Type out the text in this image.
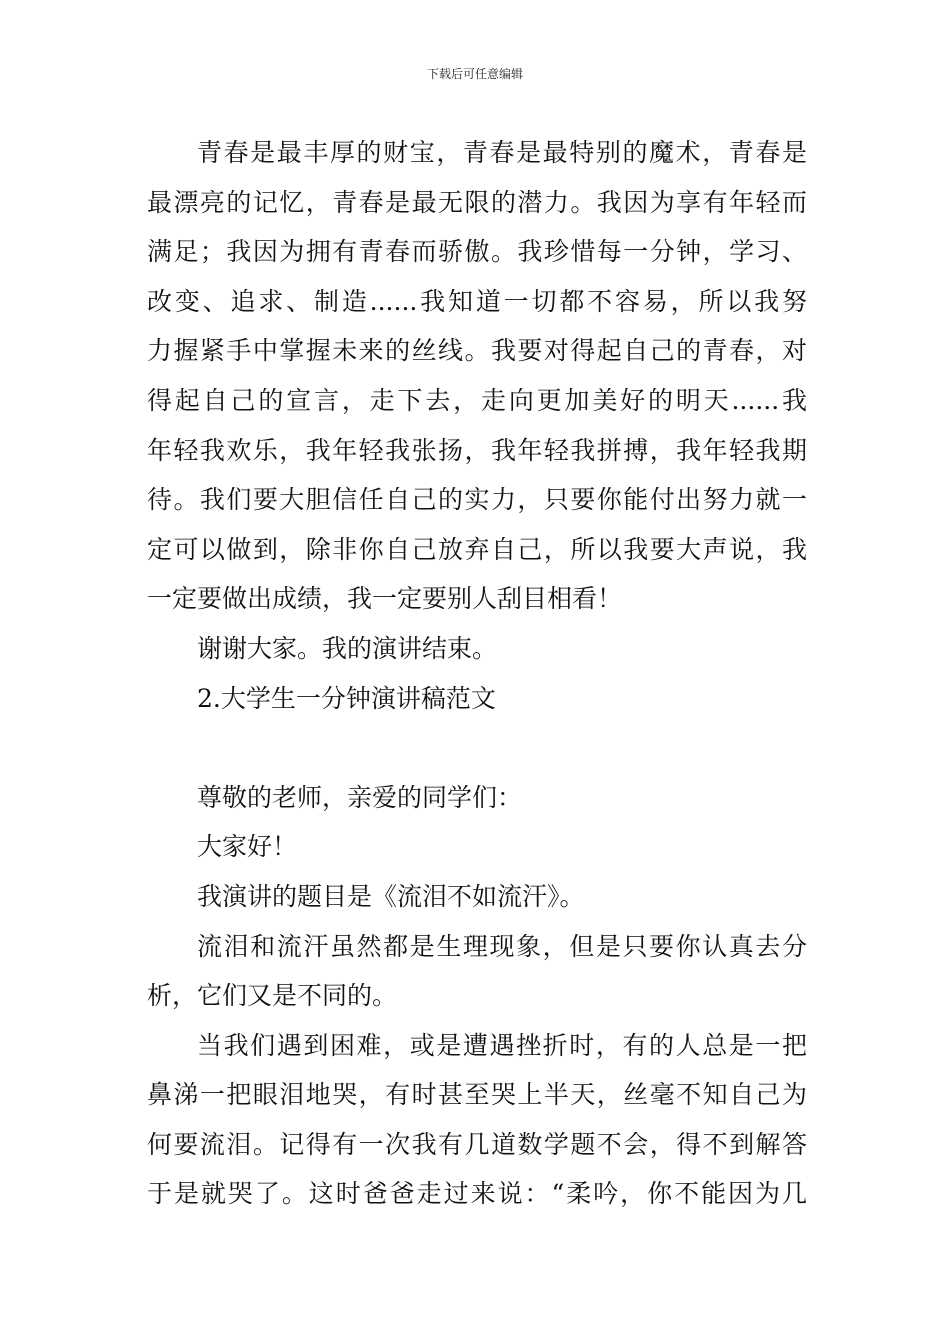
下载后可任意编辑
青春是最丰厚的财宝，青春是最特别的魔术，青春是
最漂亮的记忆，青春是最无限的潜力。我因为享有年轻而
满足；我因为拥有青春而骄傲。我珍惜每一分钟，学习、
改变、追求、制造......我知道一切都不容易，所以我努
力握紧手中掌握未来的丝线。我要对得起自己的青春，对
得起自己的宣言，走下去，走向更加美好的明天......我
年轻我欢乐，我年轻我张扬，我年轻我拼搏，我年轻我期
待。我们要大胆信任自己的实力，只要你能付出努力就一
定可以做到，除非你自己放弃自己，所以我要大声说，我
一定要做出成绩，我一定要别人刮目相看！
谢谢大家。我的演讲结束。
2.大学生一分钟演讲稿范文
尊敬的老师，亲爱的同学们：
大家好！
我演讲的题目是《流泪不如流汗》。
流泪和流汗虽然都是生理现象，但是只要你认真去分
析，它们又是不同的。
当我们遇到困难，或是遭遇挫折时，有的人总是一把
鼻涕一把眼泪地哭，有时甚至哭上半天，丝毫不知自己为
何要流泪。记得有一次我有几道数学题不会，得不到解答
于是就哭了。这时爸爸走过来说：“柔吟，你不能因为几
